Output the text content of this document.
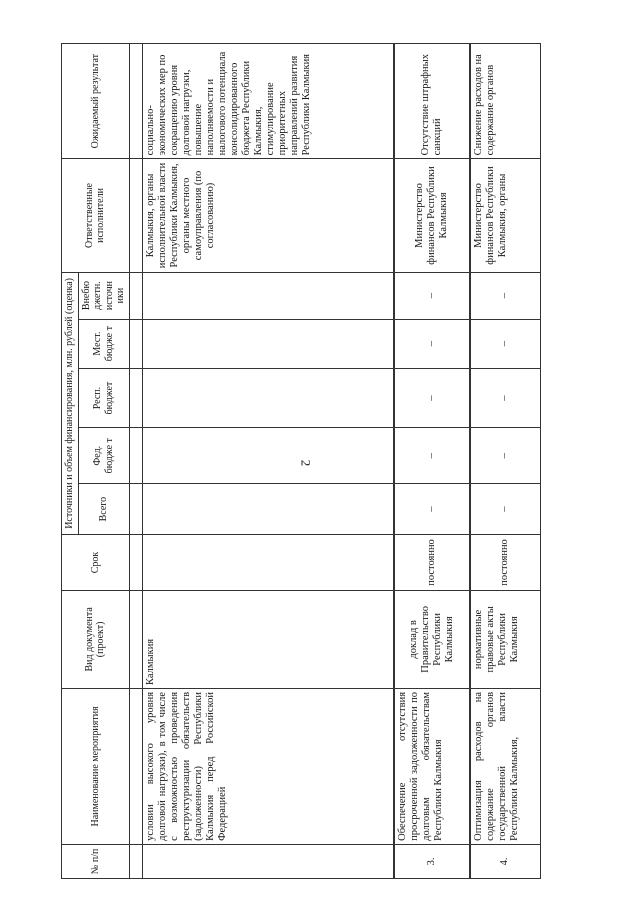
2
№ п/п	Наименование мероприятия	Вид документа (проект)	Срок	Источники и объем финансирования, млн. рублей (оценка)					Ответственные исполнители	Ожидаемый результат
				Всего	Фед. бюдже т	Респ. бюджет	Мест. бюдже т	Внебю джетн. источн ики		

	условии высокого уровня долговой нагрузки), в том числе с возможностью проведения реструктуризации обязательств (задолженности) Республики Калмыкия перед Российской Федерацией	Калмыкия							Калмыкия, органы исполнительной власти Республики Калмыкия, органы местного самоуправления (по согласованию)	социально-экономических мер по сокращению уровня долговой нагрузки, повышение наполняемости и налогового потенциала консолидированного бюджета Республики Калмыкия, стимулирование приоритетных направлений развития Республики Калмыкия
3.	Обеспечение отсутствия просроченной задолженности по долговым обязательствам Республики Калмыкия	доклад в Правительство Республики Калмыкия	постоянно	–	–	–	–	–	Министерство финансов Республики Калмыкия	Отсутствие штрафных санкций
4.	Оптимизация расходов на содержание органов государственной власти Республики Калмыкия,	нормативные правовые акты Республики Калмыкия	постоянно	–	–	–	–	–	Министерство финансов Республики Калмыкия, органы	Снижение расходов на содержание органов
